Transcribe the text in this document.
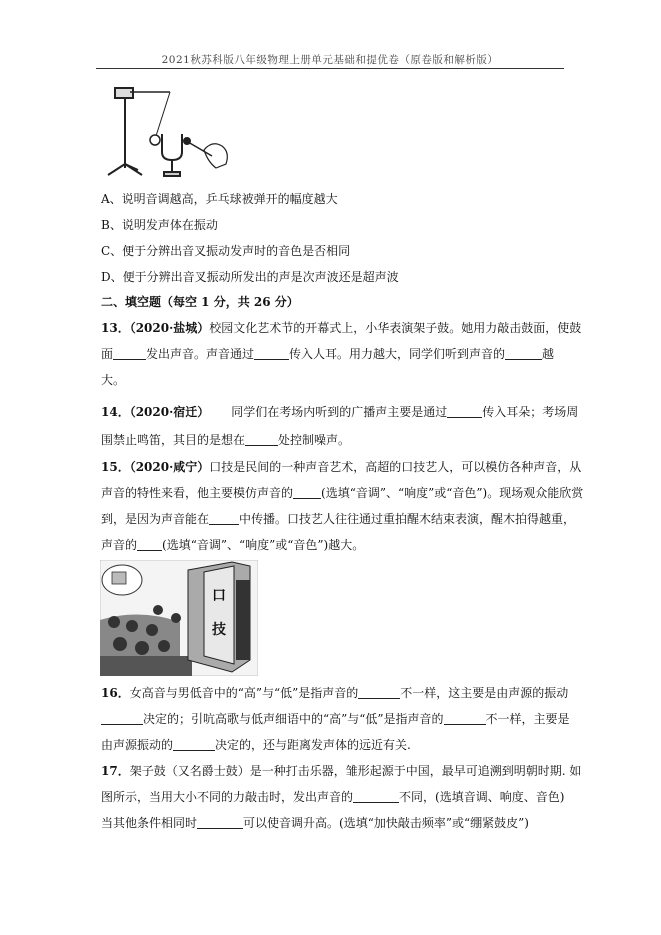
2021秋苏科版八年级物理上册单元基础和提优卷（原卷版和解析版）
A、说明音调越高，乒乓球被弹开的幅度越大
B、说明发声体在振动
C、便于分辨出音叉振动发声时的音色是否相同
D、便于分辨出音叉振动所发出的声是次声波还是超声波
二、填空题（每空 1 分，共 26 分）
13．（2020·盐城）校园文化艺术节的开幕式上，小华表演架子鼓。她用力敲击鼓面，使鼓
面	发出声音。声音通过	传入人耳。用力越大，同学们听到声音的	越
大。
14．（2020·宿迁） 同学们在考场内听到的广播声主要是通过	传入耳朵；考场周
围禁止鸣笛，其目的是想在	处控制噪声。
15．（2020·咸宁）口技是民间的一种声音艺术，高超的口技艺人，可以模仿各种声音，从
声音的特性来看，他主要模仿声音的 (选填“音调”、“响度”或“音色”)。现场观众能欣赏
到，是因为声音能在	中传播。口技艺人往往通过重拍醒木结束表演，醒木拍得越重，
声音的 (选填“音调”、“响度”或“音色”)越大。
口
技
16．女高音与男低音中的“高”与“低”是指声音的	不一样，这主要是由声源的振动
决定的；引吭高歌与低声细语中的“高”与“低”是指声音的	不一样，主要是
由声源振动的	决定的，还与距离发声体的远近有关.
17．架子鼓（又名爵士鼓）是一种打击乐器，雏形起源于中国，最早可追溯到明朝时期. 如
图所示，当用大小不同的力敲击时，发出声音的	不同，(选填音调、响度、音色)
当其他条件相同时	可以使音调升高。(选填“加快敲击频率”或“绷紧鼓皮”)
